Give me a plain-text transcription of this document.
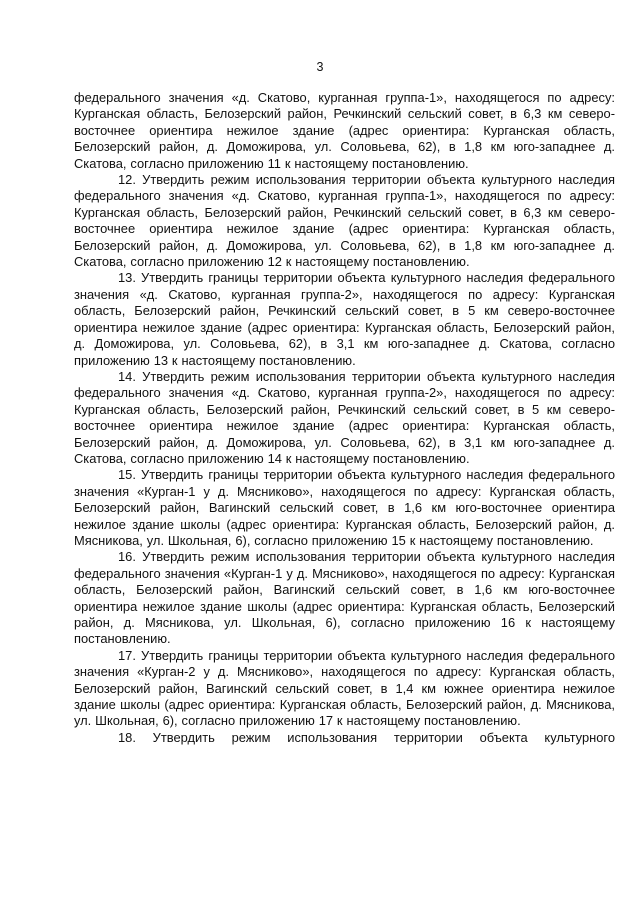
3

федерального значения «д. Скатово, курганная группа-1», находящегося по адресу: Курганская область, Белозерский район, Речкинский сельский совет, в 6,3 км северо-восточнее ориентира нежилое здание (адрес ориентира: Курганская область, Белозерский район, д. Доможирова, ул. Соловьева, 62), в 1,8 км юго-западнее д. Скатова, согласно приложению 11 к настоящему постановлению.

12. Утвердить режим использования территории объекта культурного наследия федерального значения «д. Скатово, курганная группа-1», находящегося по адресу: Курганская область, Белозерский район, Речкинский сельский совет, в 6,3 км северо-восточнее ориентира нежилое здание (адрес ориентира: Курганская область, Белозерский район, д. Доможирова, ул. Соловьева, 62), в 1,8 км юго-западнее д. Скатова, согласно приложению 12 к настоящему постановлению.

13. Утвердить границы территории объекта культурного наследия федерального значения «д. Скатово, курганная группа-2», находящегося по адресу: Курганская область, Белозерский район, Речкинский сельский совет, в 5 км северо-восточнее ориентира нежилое здание (адрес ориентира: Курганская область, Белозерский район, д. Доможирова, ул. Соловьева, 62), в 3,1 км юго-западнее д. Скатова, согласно приложению 13 к настоящему постановлению.

14. Утвердить режим использования территории объекта культурного наследия федерального значения «д. Скатово, курганная группа-2», находящегося по адресу: Курганская область, Белозерский район, Речкинский сельский совет, в 5 км северо-восточнее ориентира нежилое здание (адрес ориентира: Курганская область, Белозерский район, д. Доможирова, ул. Соловьева, 62), в 3,1 км юго-западнее д. Скатова, согласно приложению 14 к настоящему постановлению.

15. Утвердить границы территории объекта культурного наследия федерального значения «Курган-1 у д. Мясниково», находящегося по адресу: Курганская область, Белозерский район, Вагинский сельский совет, в 1,6 км юго-восточнее ориентира нежилое здание школы (адрес ориентира: Курганская область, Белозерский район, д. Мясникова, ул. Школьная, 6), согласно приложению 15 к настоящему постановлению.

16. Утвердить режим использования территории объекта культурного наследия федерального значения «Курган-1 у д. Мясниково», находящегося по адресу: Курганская область, Белозерский район, Вагинский сельский совет, в 1,6 км юго-восточнее ориентира нежилое здание школы (адрес ориентира: Курганская область, Белозерский район, д. Мясникова, ул. Школьная, 6), согласно приложению 16 к настоящему постановлению.

17. Утвердить границы территории объекта культурного наследия федерального значения «Курган-2 у д. Мясниково», находящегося по адресу: Курганская область, Белозерский район, Вагинский сельский совет, в 1,4 км южнее ориентира нежилое здание школы (адрес ориентира: Курганская область, Белозерский район, д. Мясникова, ул. Школьная, 6), согласно приложению 17 к настоящему постановлению.

18. Утвердить режим использования территории объекта культурного
